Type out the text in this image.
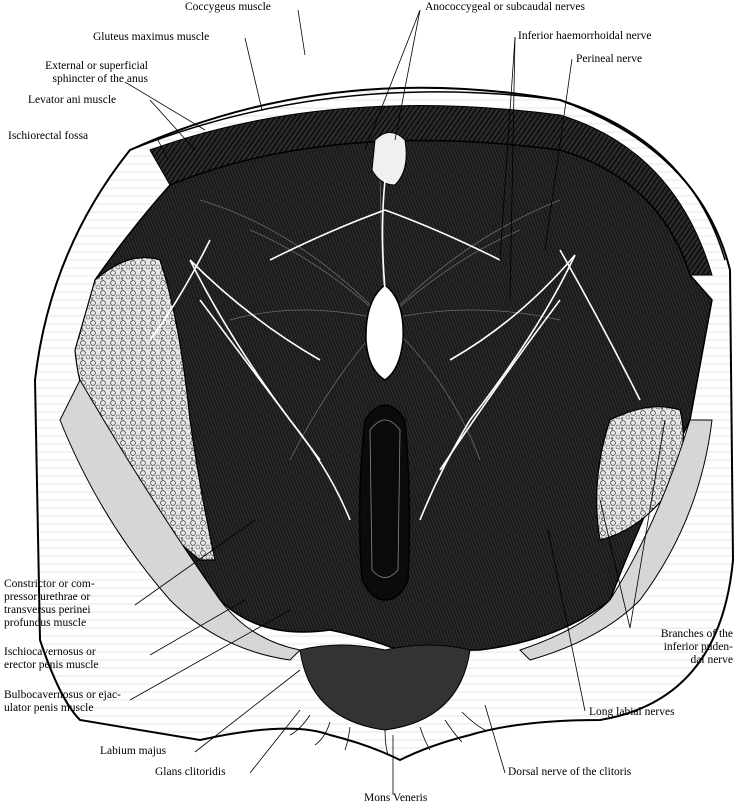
Coccygeus muscle	Anococcygeal or subcaudal nerves
Gluteus maximus muscle	Inferior haemorrhoidal nerve
External or superficial
sphincter of the anus
Perineal nerve
Levator ani muscle
Ischiorectal fossa
Constrictor or com-
pressor urethrae or
transversus perinei
profundus muscle
Ischiocavernosus or
erector penis muscle
Bulbocavernosus or ejac-
ulator penis muscle
Labium majus
Glans clitoridis
Mons Veneris
Dorsal nerve of the clitoris
Long labial nerves
Branches of the
inferior puden-
dal nerve
